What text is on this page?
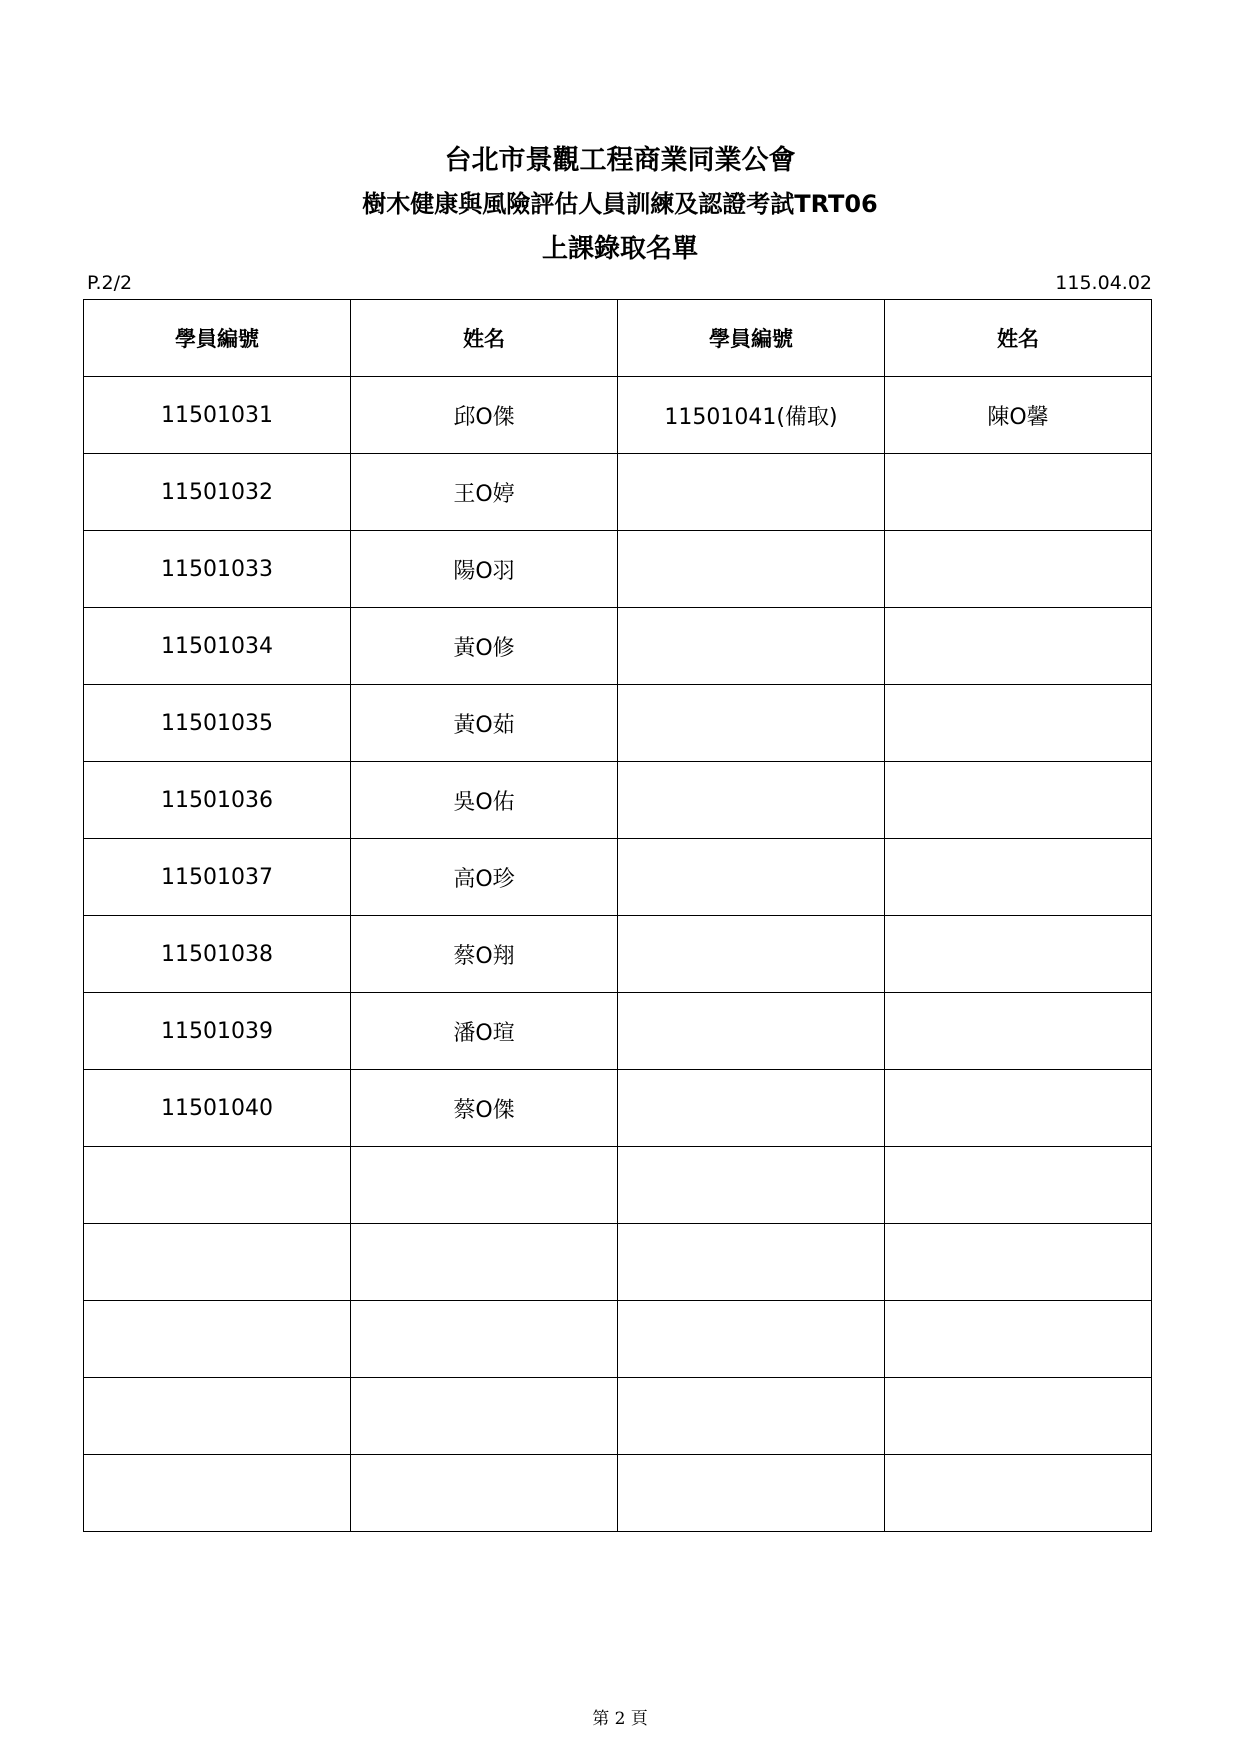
台北市景觀工程商業同業公會
樹木健康與風險評估人員訓練及認證考試TRT06
上課錄取名單
P.2/2	115.04.02
學員編號	姓名	學員編號	姓名
11501031	邱O傑	11501041(備取)	陳O馨
11501032	王O婷		
11501033	陽O羽		
11501034	黃O修		
11501035	黃O茹		
11501036	吳O佑		
11501037	高O珍		
11501038	蔡O翔		
11501039	潘O瑄		
11501040	蔡O傑		

第 2 頁
